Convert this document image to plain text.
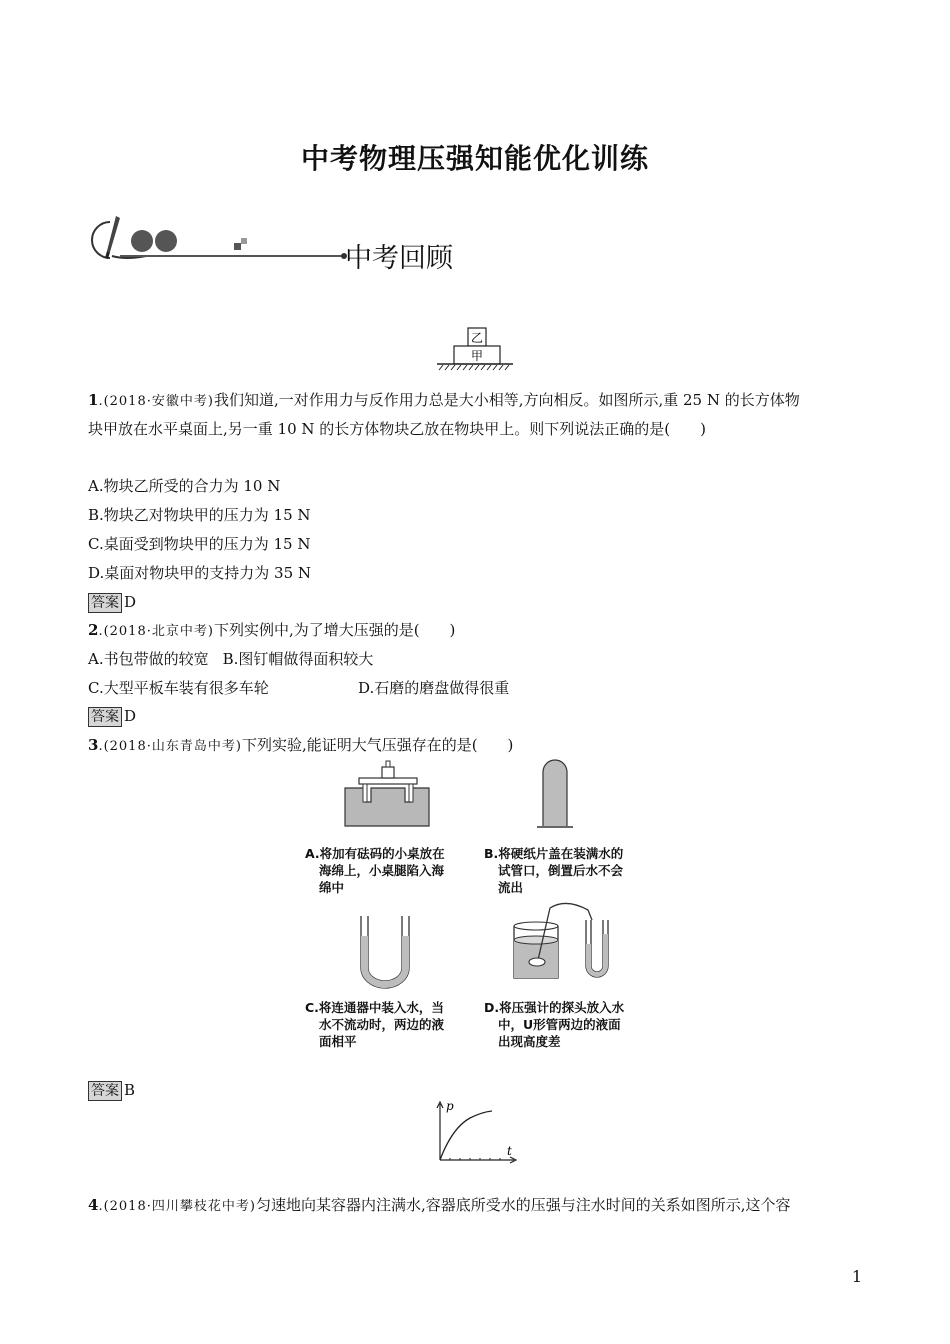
中考物理压强知能优化训练
中考回顾
乙
甲
1.(2018·安徽中考)我们知道,一对作用力与反作用力总是大小相等,方向相反。如图所示,重 25 N 的长方体物
块甲放在水平桌面上,另一重 10 N 的长方体物块乙放在物块甲上。则下列说法正确的是(　　)
A.物块乙所受的合力为 10 N
B.物块乙对物块甲的压力为 15 N
C.桌面受到物块甲的压力为 15 N
D.桌面对物块甲的支持力为 35 N
答案 D
2.(2018·北京中考)下列实例中,为了增大压强的是(　　)
A.书包带做的较宽 B.图钉帽做得面积较大
C.大型平板车装有很多车轮	D.石磨的磨盘做得很重
答案 D
3.(2018·山东青岛中考)下列实验,能证明大气压强存在的是(　　)
A.将加有砝码的小桌放在
海绵上，小桌腿陷入海
绵中
B.将硬纸片盖在装满水的
试管口，倒置后水不会
流出
C.将连通器中装入水，当
水不流动时，两边的液
面相平
D.将压强计的探头放入水
中，U形管两边的液面
出现高度差
答案 B
p
t
4.(2018·四川攀枝花中考)匀速地向某容器内注满水,容器底所受水的压强与注水时间的关系如图所示,这个容
1
